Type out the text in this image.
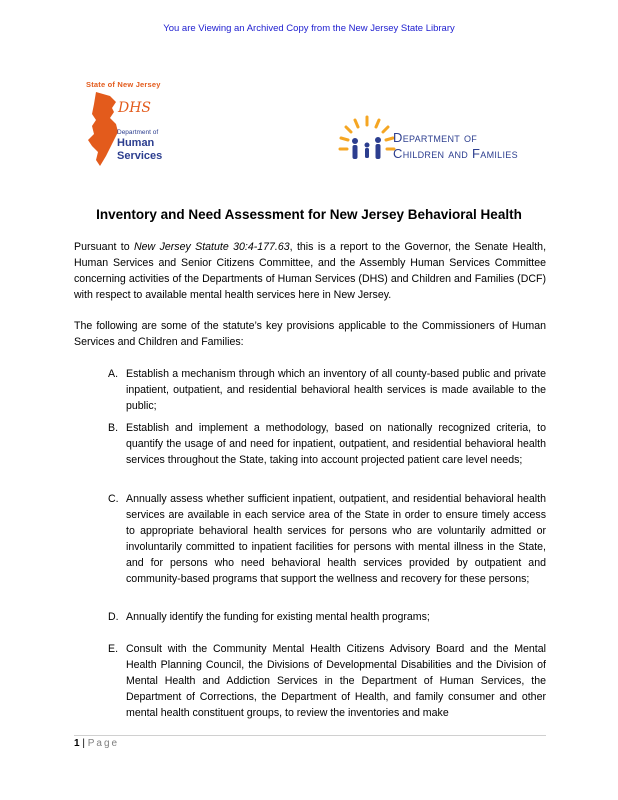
You are Viewing an Archived Copy from the New Jersey State Library
State of New Jersey
DHS
Department of
Human
Services
Department of
Children and Families
Inventory and Need Assessment for New Jersey Behavioral Health
Pursuant to New Jersey Statute 30:4-177.63, this is a report to the Governor, the Senate Health, Human Services and Senior Citizens Committee, and the Assembly Human Services Committee concerning activities of the Departments of Human Services (DHS) and Children and Families (DCF) with respect to available mental health services here in New Jersey.
The following are some of the statute’s key provisions applicable to the Commissioners of Human Services and Children and Families:
A. Establish a mechanism through which an inventory of all county-based public and private inpatient, outpatient, and residential behavioral health services is made available to the public;
B. Establish and implement a methodology, based on nationally recognized criteria, to quantify the usage of and need for inpatient, outpatient, and residential behavioral health services throughout the State, taking into account projected patient care level needs;
C. Annually assess whether sufficient inpatient, outpatient, and residential behavioral health services are available in each service area of the State in order to ensure timely access to appropriate behavioral health services for persons who are voluntarily admitted or involuntarily committed to inpatient facilities for persons with mental illness in the State, and for persons who need behavioral health services provided by outpatient and community-based programs that support the wellness and recovery for these persons;
D. Annually identify the funding for existing mental health programs;
E. Consult with the Community Mental Health Citizens Advisory Board and the Mental Health Planning Council, the Divisions of Developmental Disabilities and the Division of Mental Health and Addiction Services in the Department of Human Services, the Department of Corrections, the Department of Health, and family consumer and other mental health constituent groups, to review the inventories and make
1 | Page
